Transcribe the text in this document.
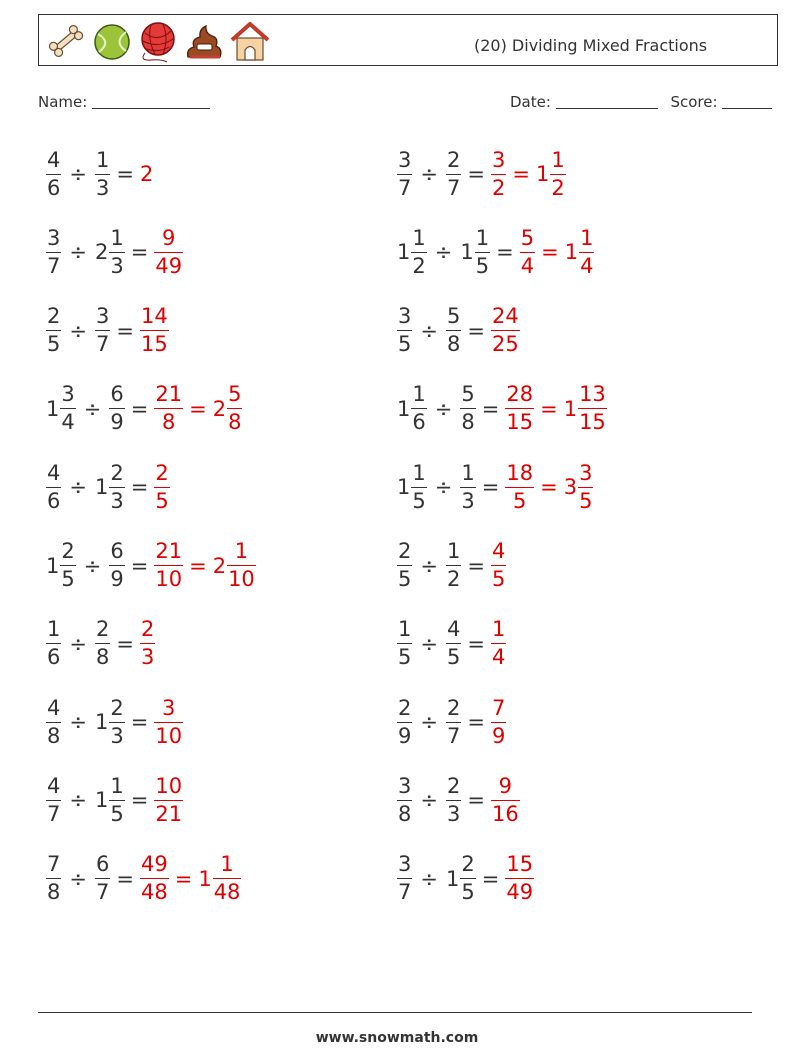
(20) Dividing Mixed Fractions
Name:	Date:	Score:
$\frac{4}{6} \div \frac{1}{3} = 2$	$\frac{3}{7} \div \frac{2}{7} = \frac{3}{2} = 1 \frac{1}{2}$
$\frac{3}{7} \div 2 \frac{1}{3} = \frac{9}{49}$	$1 \frac{1}{2} \div 1 \frac{1}{5} = \frac{5}{4} = 1 \frac{1}{4}$
$\frac{2}{5} \div \frac{3}{7} = \frac{14}{15}$	$\frac{3}{5} \div \frac{5}{8} = \frac{24}{25}$
$1 \frac{3}{4} \div \frac{6}{9} = \frac{21}{8} = 2 \frac{5}{8}$	$1 \frac{1}{6} \div \frac{5}{8} = \frac{28}{15} = 1 \frac{13}{15}$
$\frac{4}{6} \div 1 \frac{2}{3} = \frac{2}{5}$	$1 \frac{1}{5} \div \frac{1}{3} = \frac{18}{5} = 3 \frac{3}{5}$
$1 \frac{2}{5} \div \frac{6}{9} = \frac{21}{10} = 2 \frac{1}{10}$	$\frac{2}{5} \div \frac{1}{2} = \frac{4}{5}$
$\frac{1}{6} \div \frac{2}{8} = \frac{2}{3}$	$\frac{1}{5} \div \frac{4}{5} = \frac{1}{4}$
$\frac{4}{8} \div 1 \frac{2}{3} = \frac{3}{10}$	$\frac{2}{9} \div \frac{2}{7} = \frac{7}{9}$
$\frac{4}{7} \div 1 \frac{1}{5} = \frac{10}{21}$	$\frac{3}{8} \div \frac{2}{3} = \frac{9}{16}$
$\frac{7}{8} \div \frac{6}{7} = \frac{49}{48} = 1 \frac{1}{48}$	$\frac{3}{7} \div 1 \frac{2}{5} = \frac{15}{49}$
www.snowmath.com
